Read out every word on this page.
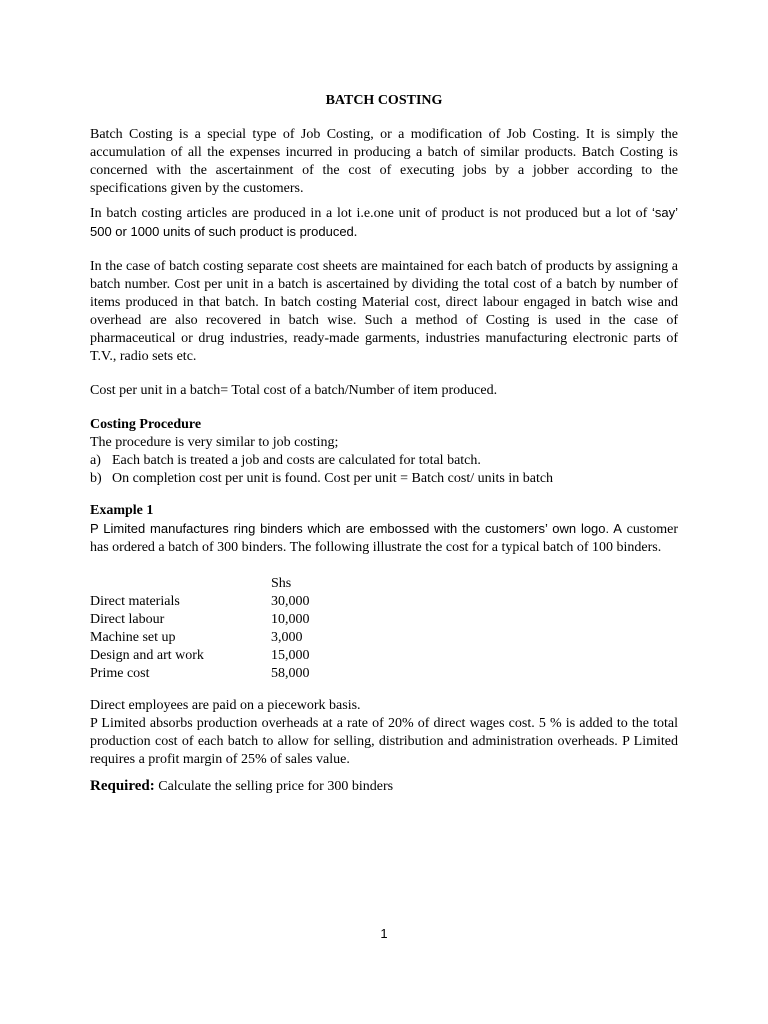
BATCH COSTING

Batch Costing is a special type of Job Costing, or a modification of Job Costing. It is simply the accumulation of all the expenses incurred in producing a batch of similar products. Batch Costing is concerned with the ascertainment of the cost of executing jobs by a jobber according to the specifications given by the customers.

In batch costing articles are produced in a lot i.e.one unit of product is not produced but a lot of ‘say’ 500 or 1000 units of such product is produced.

In the case of batch costing separate cost sheets are maintained for each batch of products by assigning a batch number. Cost per unit in a batch is ascertained by dividing the total cost of a batch by number of items produced in that batch. In batch costing Material cost, direct labour engaged in batch wise and overhead are also recovered in batch wise. Such a method of Costing is used in the case of pharmaceutical or drug industries, ready-made garments, industries manufacturing electronic parts of T.V., radio sets etc.

Cost per unit in a batch= Total cost of a batch/Number of item produced.

Costing Procedure
The procedure is very similar to job costing;
a) Each batch is treated a job and costs are calculated for total batch.
b) On completion cost per unit is found. Cost per unit = Batch cost/ units in batch
Example 1

P Limited manufactures ring binders which are embossed with the customers’ own logo. A customer has ordered a batch of 300 binders. The following illustrate the cost for a typical batch of 100 binders.

	Shs
Direct materials	30,000
Direct labour	10,000
Machine set up	3,000
Design and art work	15,000
Prime cost	58,000
Direct employees are paid on a piecework basis.

P Limited absorbs production overheads at a rate of 20% of direct wages cost. 5 % is added to the total production cost of each batch to allow for selling, distribution and administration overheads. P Limited requires a profit margin of 25% of sales value.

Required: Calculate the selling price for 300 binders
1
